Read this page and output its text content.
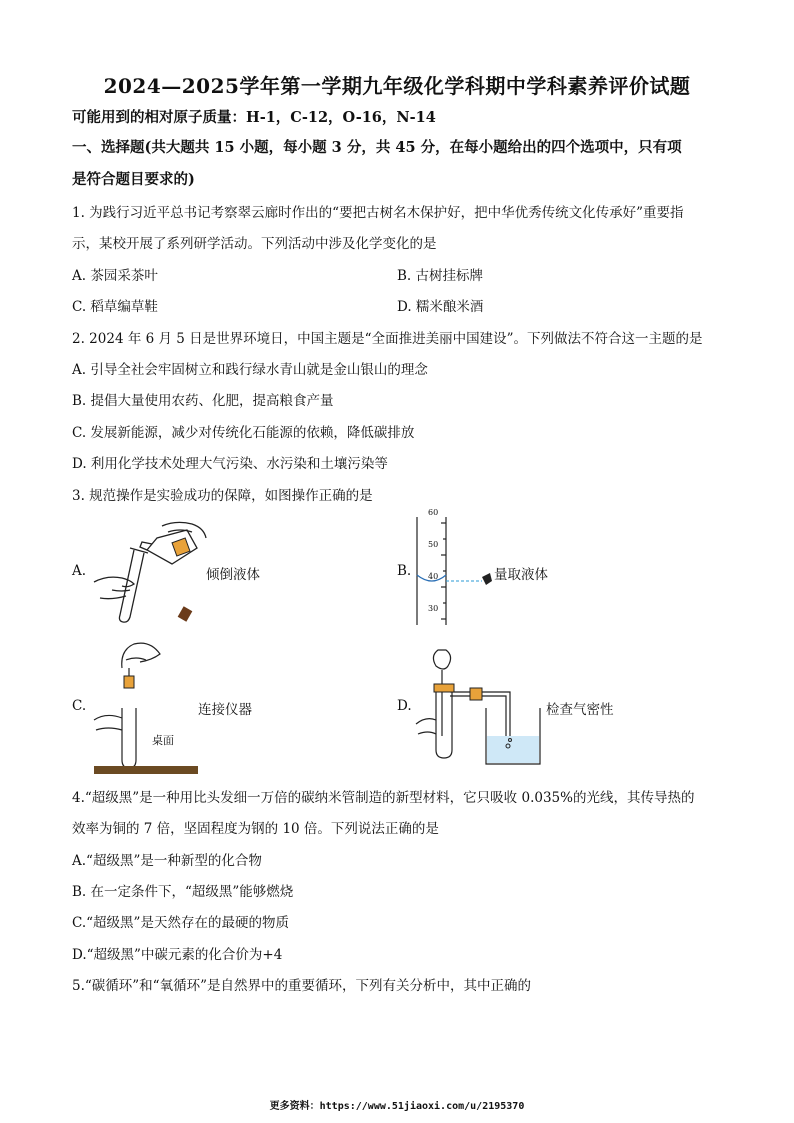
2024—2025学年第一学期九年级化学科期中学科素养评价试题
可能用到的相对原子质量：H-1，C-12，O-16，N-14
一、选择题(共大题共 15 小题，每小题 3 分，共 45 分，在每小题给出的四个选项中，只有项
是符合题目要求的)
1. 为践行习近平总书记考察翠云廊时作出的“要把古树名木保护好，把中华优秀传统文化传承好”重要指
示，某校开展了系列研学活动。下列活动中涉及化学变化的是
A. 茶园采茶叶	B. 古树挂标牌
C. 稻草编草鞋	D. 糯米酿米酒
2. 2024 年 6 月 5 日是世界环境日，中国主题是“全面推进美丽中国建设”。下列做法不符合这一主题的是
A. 引导全社会牢固树立和践行绿水青山就是金山银山的理念
B. 提倡大量使用农药、化肥，提高粮食产量
C. 发展新能源，减少对传统化石能源的依赖，降低碳排放
D. 利用化学技术处理大气污染、水污染和土壤污染等
3. 规范操作是实验成功的保障，如图操作正确的是
A.	倾倒液体	B.
60
50
40
30
量取液体
C.
桌面
连接仪器	D.	检查气密性
4.“超级黑”是一种用比头发细一万倍的碳纳米管制造的新型材料，它只吸收 0.035%的光线，其传导热的
效率为铜的 7 倍，坚固程度为钢的 10 倍。下列说法正确的是
A.“超级黑”是一种新型的化合物
B. 在一定条件下，“超级黑”能够燃烧
C.“超级黑”是天然存在的最硬的物质
D.“超级黑”中碳元素的化合价为+4
5.“碳循环”和“氧循环”是自然界中的重要循环，下列有关分析中，其中正确的
更多资料：https://www.51jiaoxi.com/u/2195370
